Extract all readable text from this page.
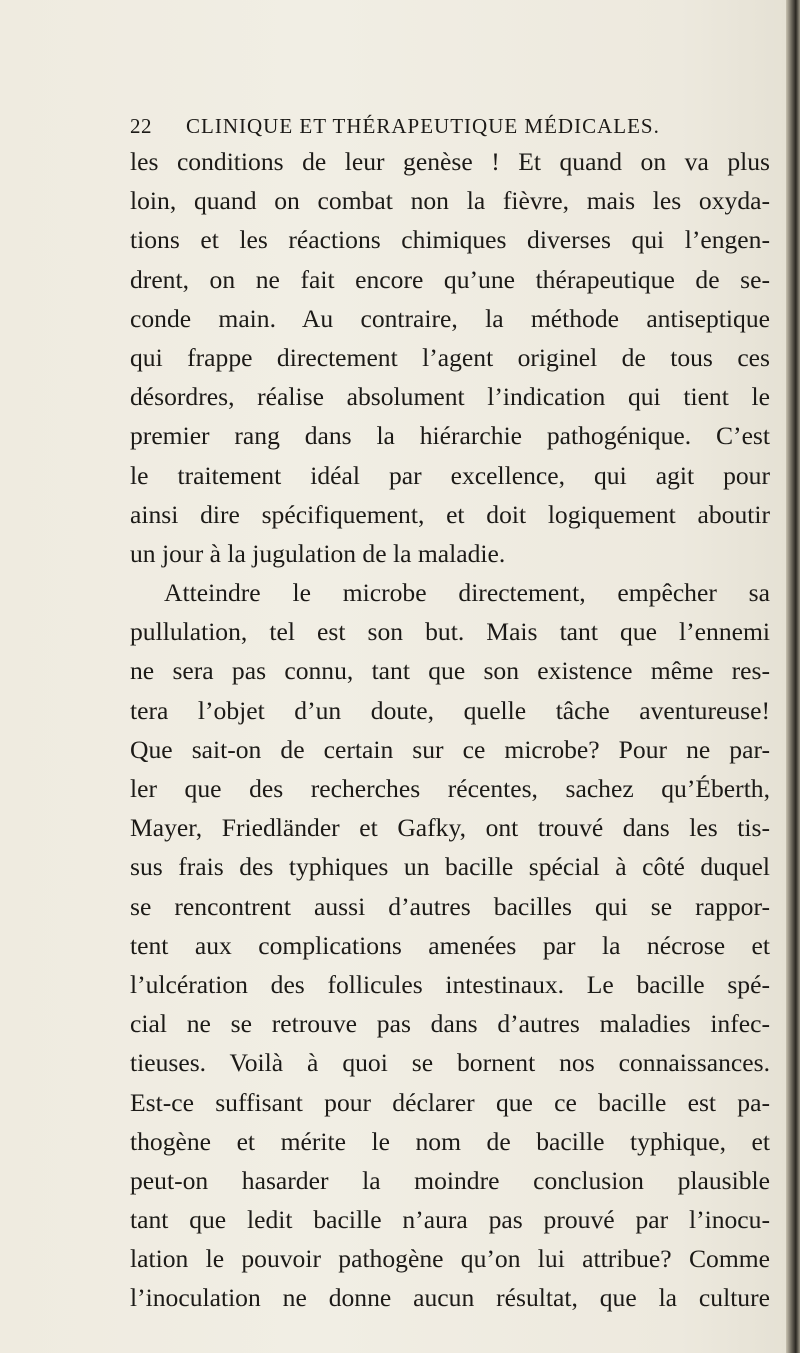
22 CLINIQUE ET THÉRAPEUTIQUE MÉDICALES.
les conditions de leur genèse ! Et quand on va plus
loin, quand on combat non la fièvre, mais les oxyda-
tions et les réactions chimiques diverses qui l’engen-
drent, on ne fait encore qu’une thérapeutique de se-
conde main. Au contraire, la méthode antiseptique
qui frappe directement l’agent originel de tous ces
désordres, réalise absolument l’indication qui tient le
premier rang dans la hiérarchie pathogénique. C’est
le traitement idéal par excellence, qui agit pour
ainsi dire spécifiquement, et doit logiquement aboutir
un jour à la jugulation de la maladie.
Atteindre le microbe directement, empêcher sa
pullulation, tel est son but. Mais tant que l’ennemi
ne sera pas connu, tant que son existence même res-
tera l’objet d’un doute, quelle tâche aventureuse!
Que sait-on de certain sur ce microbe? Pour ne par-
ler que des recherches récentes, sachez qu’Éberth,
Mayer, Friedländer et Gafky, ont trouvé dans les tis-
sus frais des typhiques un bacille spécial à côté duquel
se rencontrent aussi d’autres bacilles qui se rappor-
tent aux complications amenées par la nécrose et
l’ulcération des follicules intestinaux. Le bacille spé-
cial ne se retrouve pas dans d’autres maladies infec-
tieuses. Voilà à quoi se bornent nos connaissances.
Est-ce suffisant pour déclarer que ce bacille est pa-
thogène et mérite le nom de bacille typhique, et
peut-on hasarder la moindre conclusion plausible
tant que ledit bacille n’aura pas prouvé par l’inocu-
lation le pouvoir pathogène qu’on lui attribue? Comme
l’inoculation ne donne aucun résultat, que la culture
